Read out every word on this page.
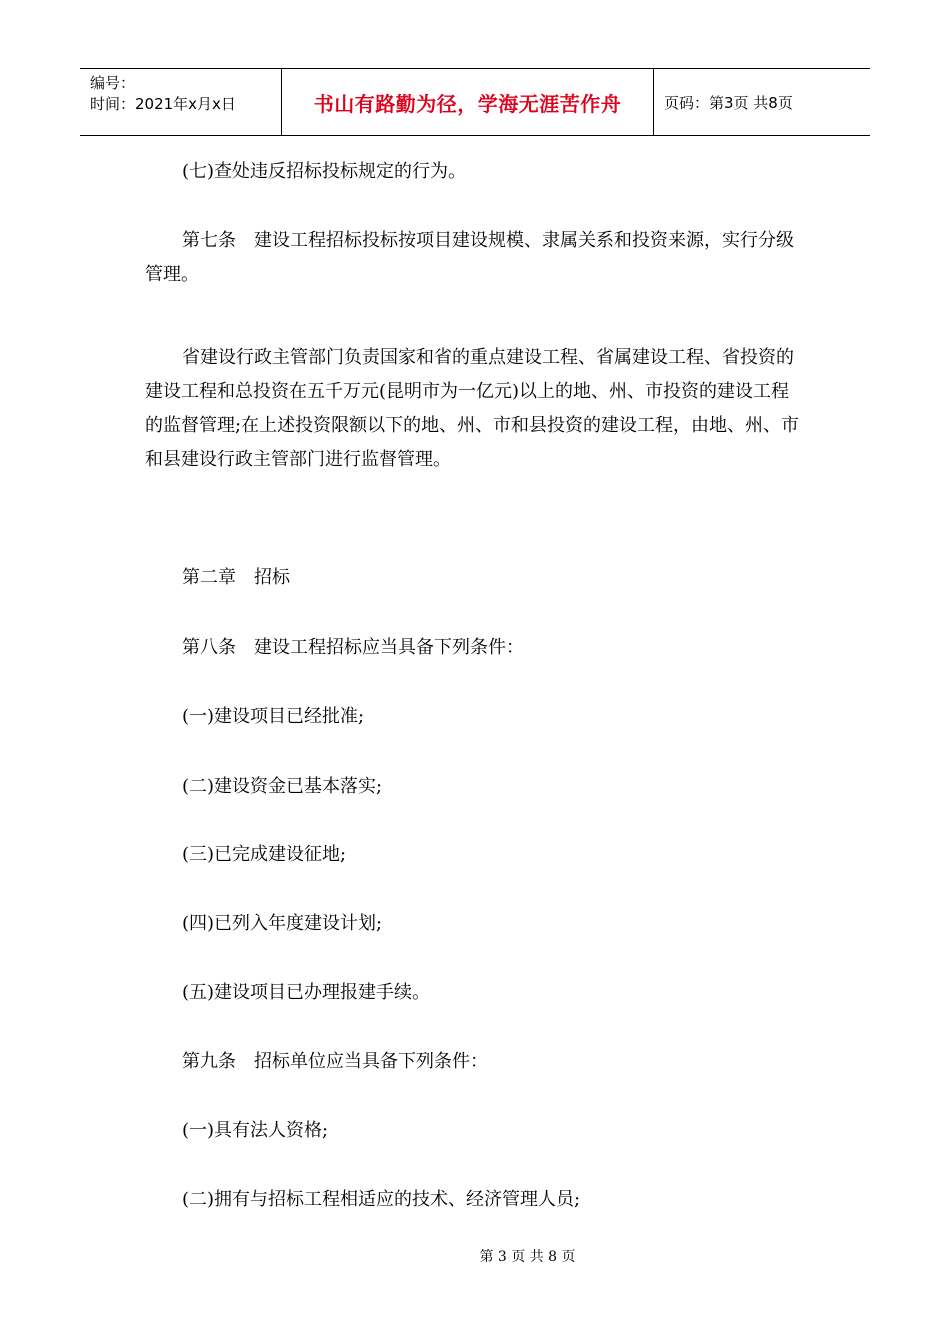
编号：
时间：2021年x月x日	书山有路勤为径，学海无涯苦作舟	页码：第3页 共8页

(七)查处违反招标投标规定的行为。

第七条　建设工程招标投标按项目建设规模、隶属关系和投资来源，实行分级管理。

省建设行政主管部门负责国家和省的重点建设工程、省属建设工程、省投资的建设工程和总投资在五千万元(昆明市为一亿元)以上的地、州、市投资的建设工程的监督管理;在上述投资限额以下的地、州、市和县投资的建设工程，由地、州、市和县建设行政主管部门进行监督管理。

第二章　招标

第八条　建设工程招标应当具备下列条件：

(一)建设项目已经批准;

(二)建设资金已基本落实;

(三)已完成建设征地;

(四)已列入年度建设计划;

(五)建设项目已办理报建手续。

第九条　招标单位应当具备下列条件：

(一)具有法人资格;

(二)拥有与招标工程相适应的技术、经济管理人员;

第 3 页 共 8 页
